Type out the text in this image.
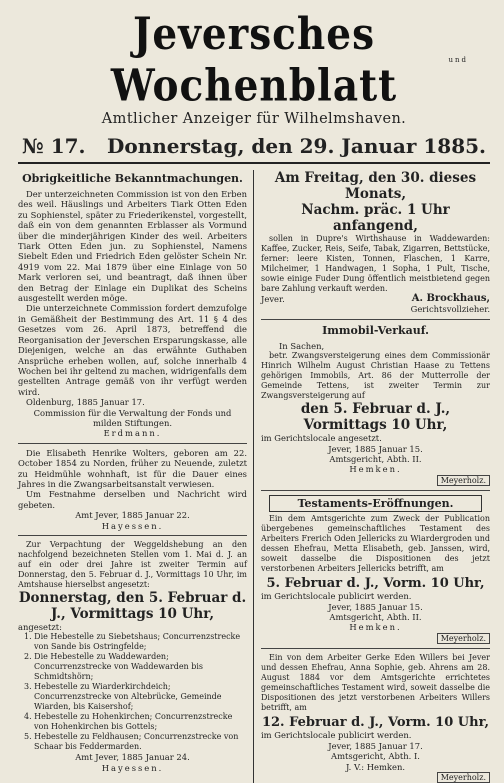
Jeversches Wochenblatt	und
Amtlicher Anzeiger für Wilhelmshaven.
№ 17. Donnerstag, den 29. Januar 1885.
Obrigkeitliche Bekanntmachungen.

Der unterzeichneten Commission ist von den Erben des weil. Häuslings und Arbeiters Tiark Otten Eden zu Sophienstel, später zu Friederikenstel, vorgestellt, daß ein von dem genannten Erblasser als Vormund über die minderjährigen Kinder des weil. Arbeiters Tiark Otten Eden jun. zu Sophienstel, Namens Siebelt Eden und Friedrich Eden gelöster Schein Nr. 4919 vom 22. Mai 1879 über eine Einlage von 50 Mark verloren sei, und beantragt, daß ihnen über den Betrag der Einlage ein Duplikat des Scheins ausgestellt werden möge.

Die unterzeichnete Commission fordert demzufolge in Gemäßheit der Bestimmung des Art. 11 § 4 des Gesetzes vom 26. April 1873, betreffend die Reorganisation der Jeverschen Ersparungskasse, alle Diejenigen, welche an das erwähnte Guthaben Ansprüche erheben wollen, auf, solche innerhalb 4 Wochen bei ihr geltend zu machen, widrigenfalls dem gestellten Antrage gemäß von ihr verfügt werden wird.

Oldenburg, 1885 Januar 17.

Commission für die Verwaltung der Fonds und milden Stiftungen.

Erdmann.

Die Elisabeth Henrike Wolters, geboren am 22. October 1854 zu Norden, früher zu Neuende, zuletzt zu Heidmühle wohnhaft, ist für die Dauer eines Jahres in die Zwangsarbeitsanstalt verwiesen.

Um Festnahme derselben und Nachricht wird gebeten.

Amt Jever, 1885 Januar 22.

Hayessen.

Zur Verpachtung der Weggeldshebung an den nachfolgend bezeichneten Stellen vom 1. Mai d. J. an auf ein oder drei Jahre ist zweiter Termin auf Donnerstag, den 5. Februar d. J., Vormittags 10 Uhr, im Amtshause hierselbst angesetzt:

Donnerstag, den 5. Februar d. J., Vormittags 10 Uhr,

angesetzt:

1. Die Hebestelle zu Siebetshaus; Concurrenzstrecke von Sande bis Ostringfelde;

2. Die Hebestelle zu Waddewarden; Concurrenzstrecke von Waddewarden bis Schmidtshörn;

3. Hebestelle zu Wiarderkirchdeich; Concurrenzstrecke von Altebrücke, Gemeinde Wiarden, bis Kaisershof;

4. Hebestelle zu Hohenkirchen; Concurrenzstrecke von Hohenkirchen bis Gottels;

5. Hebestelle zu Feldhausen; Concurrenzstrecke von Schaar bis Feddermarden.

Amt Jever, 1885 Januar 24.

Hayessen.

Am Freitag, den 30. dieses Monats,
Nachm. präc. 1 Uhr anfangend,

sollen in Dupre's Wirthshause in Waddewarden: Kaffee, Zucker, Reis, Seife, Tabak, Zigarren, Bettstücke, ferner: leere Kisten, Tonnen, Flaschen, 1 Karre, Milcheimer, 1 Handwagen, 1 Sopha, 1 Pult, Tische, sowie einige Fuder Dung öffentlich meistbietend gegen bare Zahlung verkauft werden.

Jever.	A. Brockhaus,

Gerichtsvollzieher.

Immobil-Verkauf.

In Sachen,

betr. Zwangsversteigerung eines dem Commissionär Hinrich Wilhelm August Christian Haase zu Tettens gehörigen Immobils, Art. 86 der Mutterrolle der Gemeinde Tettens, ist zweiter Termin zur Zwangsversteigerung auf

den 5. Februar d. J.,
Vormittags 10 Uhr,

im Gerichtslocale angesetzt.

Jever, 1885 Januar 15.

Amtsgericht, Abth. II.

Hemken.

Meyerholz.
Testaments-Eröffnungen.

Ein dem Amtsgerichte zum Zweck der Publication übergebenes gemeinschaftliches Testament des Arbeiters Frerich Oden Jellericks zu Wiardergroden und dessen Ehefrau, Metta Elisabeth, geb. Janssen, wird, soweit dasselbe die Dispositionen des jetzt verstorbenen Arbeiters Jellericks betrifft, am

5. Februar d. J., Vorm. 10 Uhr,

im Gerichtslocale publicirt werden.

Jever, 1885 Januar 15.

Amtsgericht, Abth. II.

Hemken.

Meyerholz.

Ein von dem Arbeiter Gerke Eden Willers bei Jever und dessen Ehefrau, Anna Sophie, geb. Ahrens am 28. August 1884 vor dem Amtsgerichte errichtetes gemeinschaftliches Testament wird, soweit dasselbe die Dispositionen des jetzt verstorbenen Arbeiters Willers betrifft, am

12. Februar d. J., Vorm. 10 Uhr,

im Gerichtslocale publicirt werden.

Jever, 1885 Januar 17.

Amtsgericht, Abth. I.

J. V.: Hemken.

Meyerholz.
